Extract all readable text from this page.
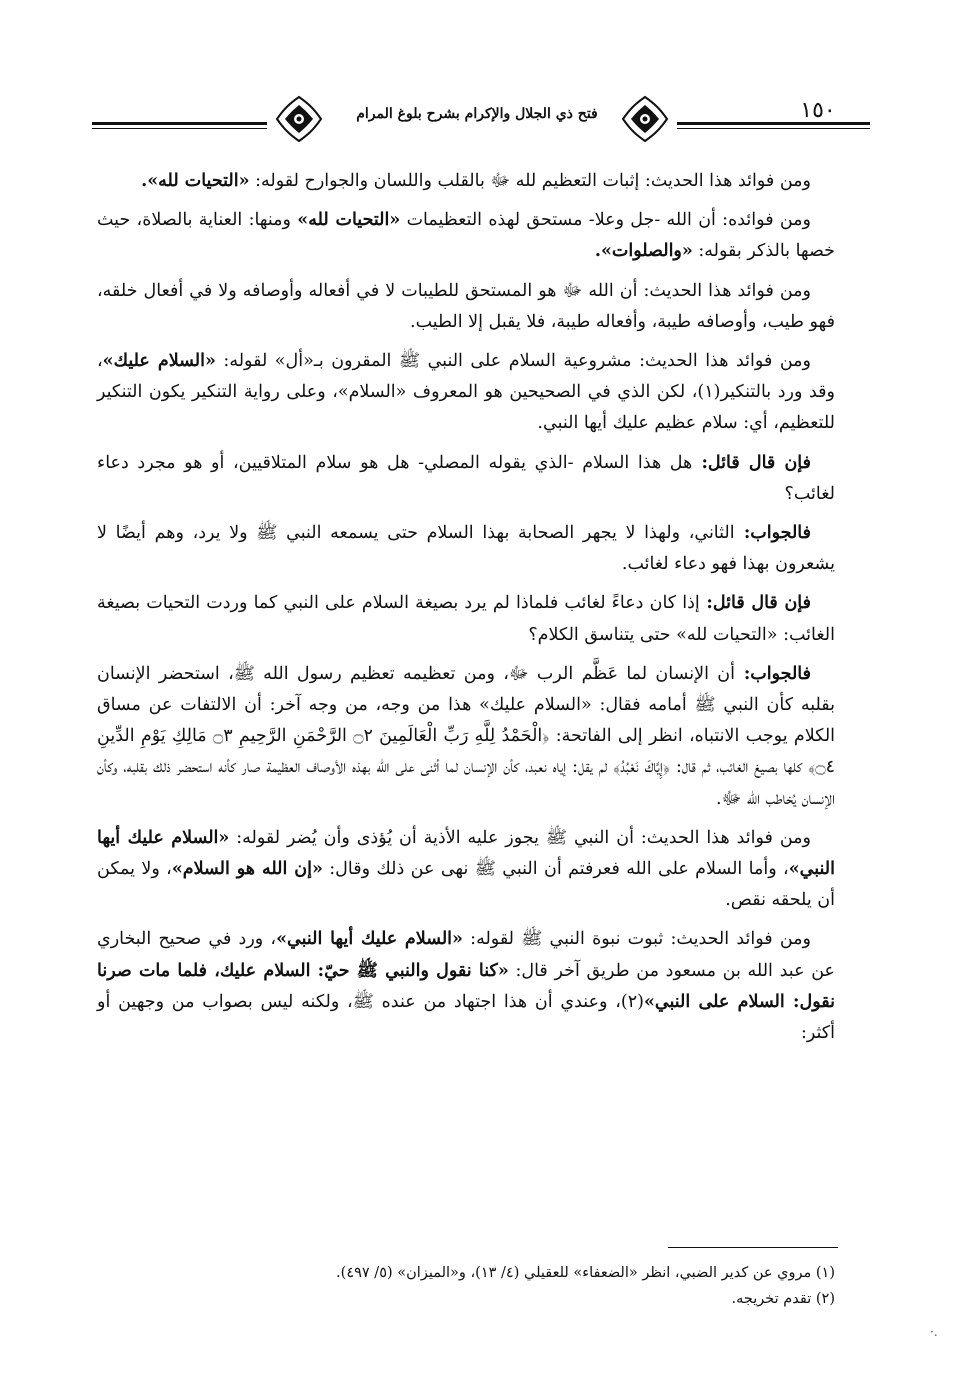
فتح ذي الجلال والإكرام بشرح بلوغ المرام	١٥٠

ومن فوائد هذا الحديث: إثبات التعظيم لله ﷻ بالقلب واللسان والجوارح لقوله: «التحيات لله».

ومن فوائده: أن الله -جل وعلا- مستحق لهذه التعظيمات «التحيات لله» ومنها: العناية بالصلاة، حيث خصها بالذكر بقوله: «والصلوات».

ومن فوائد هذا الحديث: أن الله ﷻ هو المستحق للطيبات لا في أفعاله وأوصافه ولا في أفعال خلقه، فهو طيب، وأوصافه طيبة، وأفعاله طيبة، فلا يقبل إلا الطيب.

ومن فوائد هذا الحديث: مشروعية السلام على النبي ﷺ المقرون بـ«أل» لقوله: «السلام عليك»، وقد ورد بالتنكير(١)، لكن الذي في الصحيحين هو المعروف «السلام»، وعلى رواية التنكير يكون التنكير للتعظيم، أي: سلام عظيم عليك أيها النبي.

فإن قال قائل: هل هذا السلام -الذي يقوله المصلي- هل هو سلام المتلاقيين، أو هو مجرد دعاء لغائب؟

فالجواب: الثاني، ولهذا لا يجهر الصحابة بهذا السلام حتى يسمعه النبي ﷺ ولا يرد، وهم أيضًا لا يشعرون بهذا فهو دعاء لغائب.

فإن قال قائل: إذا كان دعاءً لغائب فلماذا لم يرد بصيغة السلام على النبي كما وردت التحيات بصيغة الغائب: «التحيات لله» حتى يتناسق الكلام؟

فالجواب: أن الإنسان لما عَظَّم الرب ﷻ، ومن تعظيمه تعظيم رسول الله ﷺ، استحضر الإنسان بقلبه كأن النبي ﷺ أمامه فقال: «السلام عليك» هذا من وجه، من وجه آخر: أن الالتفات عن مساق الكلام يوجب الانتباه، انظر إلى الفاتحة: ﴿الْحَمْدُ لِلَّهِ رَبِّ الْعَالَمِينَ ۝٢ الرَّحْمَنِ الرَّحِيمِ ۝٣ مَالِكِ يَوْمِ الدِّينِ ۝٤﴾ كلها بصيغ الغائب، ثم قال: ﴿إِيَّاكَ نَعْبُدُ﴾ لم يقل: إياه نعبد، كأن الإنسان لما أثنى على الله بهذه الأوصاف العظيمة صار كأنه استحضر ذلك بقلبه، وكأن الإنسان يُخاطب الله ﷻ.

ومن فوائد هذا الحديث: أن النبي ﷺ يجوز عليه الأذية أن يُؤذى وأن يُضر لقوله: «السلام عليك أيها النبي»، وأما السلام على الله فعرفتم أن النبي ﷺ نهى عن ذلك وقال: «إن الله هو السلام»، ولا يمكن أن يلحقه نقص.

ومن فوائد الحديث: ثبوت نبوة النبي ﷺ لقوله: «السلام عليك أيها النبي»، ورد في صحيح البخاري عن عبد الله بن مسعود من طريق آخر قال: «كنا نقول والنبي ﷺ حيّ: السلام عليك، فلما مات صرنا نقول: السلام على النبي»(٢)، وعندي أن هذا اجتهاد من عنده ﷺ، ولكنه ليس بصواب من وجهين أو أكثر:

(١) مروي عن كدير الضبي، انظر «الضعفاء» للعقيلي (٤/ ١٣)، و«الميزان» (٥/ ٤٩٧).
(٢) تقدم تخريجه.
·.
